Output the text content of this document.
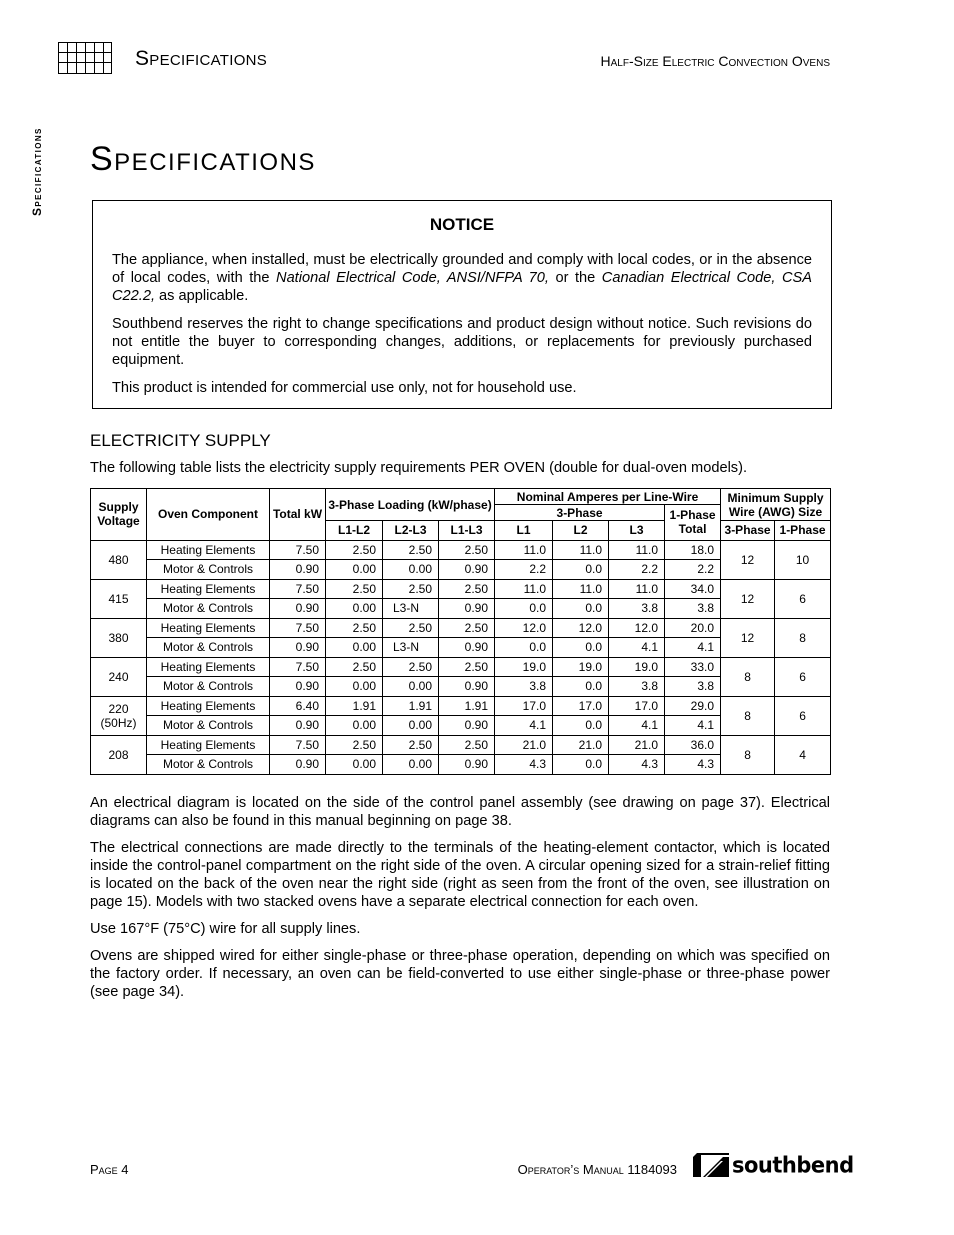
Specifications	Half-Size Electric Convection Ovens
Specifications Specifications
NOTICE

The appliance, when installed, must be electrically grounded and comply with local codes, or in the absence of local codes, with the National Electrical Code, ANSI/NFPA 70, or the Canadian Electrical Code, CSA C22.2, as applicable.

Southbend reserves the right to change specifications and product design without notice. Such revisions do not entitle the buyer to corresponding changes, additions, or replacements for previously purchased equipment.

This product is intended for commercial use only, not for household use.

ELECTRICITY SUPPLY
The following table lists the electricity supply requirements PER OVEN (double for dual-oven models).
Supply Voltage	Oven Component	Total kW	3-Phase Loading (kW/phase)			Nominal Amperes per Line-Wire				Minimum Supply Wire (AWG) Size	
						3-Phase			1-Phase Total		
			L1-L2	L2-L3	L1-L3	L1	L2	L3		3-Phase	1-Phase
480	Heating Elements	7.50	2.50	2.50	2.50	11.0	11.0	11.0	18.0	12	10
	Motor & Controls	0.90	0.00	0.00	0.90	2.2	0.0	2.2	2.2		
415	Heating Elements	7.50	2.50	2.50	2.50	11.0	11.0	11.0	34.0	12	6
	Motor & Controls	0.90	0.00	L3-N	0.90	0.0	0.0	3.8	3.8		
380	Heating Elements	7.50	2.50	2.50	2.50	12.0	12.0	12.0	20.0	12	8
	Motor & Controls	0.90	0.00	L3-N	0.90	0.0	0.0	4.1	4.1		
240	Heating Elements	7.50	2.50	2.50	2.50	19.0	19.0	19.0	33.0	8	6
	Motor & Controls	0.90	0.00	0.00	0.90	3.8	0.0	3.8	3.8		
220
(50Hz)	Heating Elements	6.40	1.91	1.91	1.91	17.0	17.0	17.0	29.0	8	6
	Motor & Controls	0.90	0.00	0.00	0.90	4.1	0.0	4.1	4.1		
208	Heating Elements	7.50	2.50	2.50	2.50	21.0	21.0	21.0	36.0	8	4
	Motor & Controls	0.90	0.00	0.00	0.90	4.3	0.0	4.3	4.3		

An electrical diagram is located on the side of the control panel assembly (see drawing on page 37). Electrical diagrams can also be found in this manual beginning on page 38.

The electrical connections are made directly to the terminals of the heating-element contactor, which is located inside the control-panel compartment on the right side of the oven. A circular opening sized for a strain-relief fitting is located on the back of the oven near the right side (right as seen from the front of the oven, see illustration on page 15). Models with two stacked ovens have a separate electrical connection for each oven.

Use 167°F (75°C) wire for all supply lines.

Ovens are shipped wired for either single-phase or three-phase operation, depending on which was specified on the factory order. If necessary, an oven can be field-converted to use either single-phase or three-phase power (see page 34).

Page 4	Operator’s Manual 1184093	southbend
